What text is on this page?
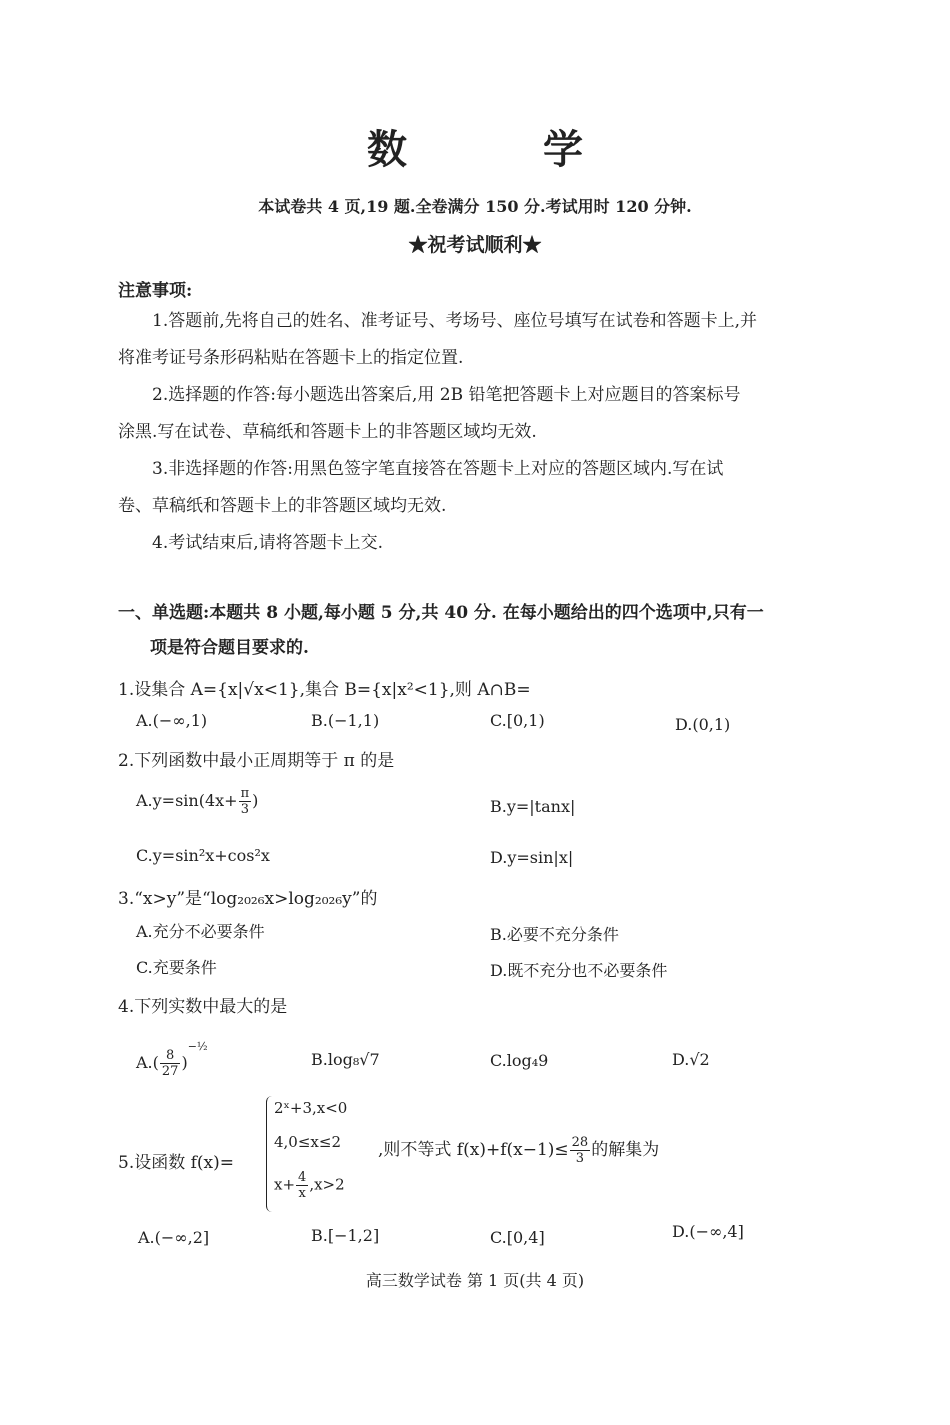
数　学
本试卷共 4 页,19 题.全卷满分 150 分.考试用时 120 分钟.
★祝考试顺利★
注意事项:
1.答题前,先将自己的姓名、准考证号、考场号、座位号填写在试卷和答题卡上,并
将准考证号条形码粘贴在答题卡上的指定位置.
2.选择题的作答:每小题选出答案后,用 2B 铅笔把答题卡上对应题目的答案标号
涂黑.写在试卷、草稿纸和答题卡上的非答题区域均无效.
3.非选择题的作答:用黑色签字笔直接答在答题卡上对应的答题区域内.写在试
卷、草稿纸和答题卡上的非答题区域均无效.
4.考试结束后,请将答题卡上交.
一、单选题:本题共 8 小题,每小题 5 分,共 40 分. 在每小题给出的四个选项中,只有一
项是符合题目要求的.
1.设集合 A={x|√x<1},集合 B={x|x²<1},则 A∩B=
A.(−∞,1)	B.(−1,1)	C.[0,1)	D.(0,1)
2.下列函数中最小正周期等于 π 的是
$A.y=\sin(4x+ \frac{\pi}{3}$ )	B.y=|tanx|
C.y=sin²x+cos²x	D.y=sin|x|
3.“x>y”是“log₂₀₂₆x>log₂₀₂₆y”的
A.充分不必要条件	B.必要不充分条件
C.充要条件	D.既不充分也不必要条件
4.下列实数中最大的是
$A.( \frac{8}{27} )^{-\frac{1}{2}}$
B.log₈√7	C.log₄9	D.√2
5.设函数 f(x)=
2ˣ+3,x<0
4,0≤x≤2
$x+ \frac{4}{x} ,x>2$
,则不等式 $f(x)+f(x-1)\le \frac{28}{3}$ 的解集为
A.(−∞,2]	B.[−1,2]	C.[0,4]	D.(−∞,4]
高三数学试卷 第 1 页(共 4 页)
